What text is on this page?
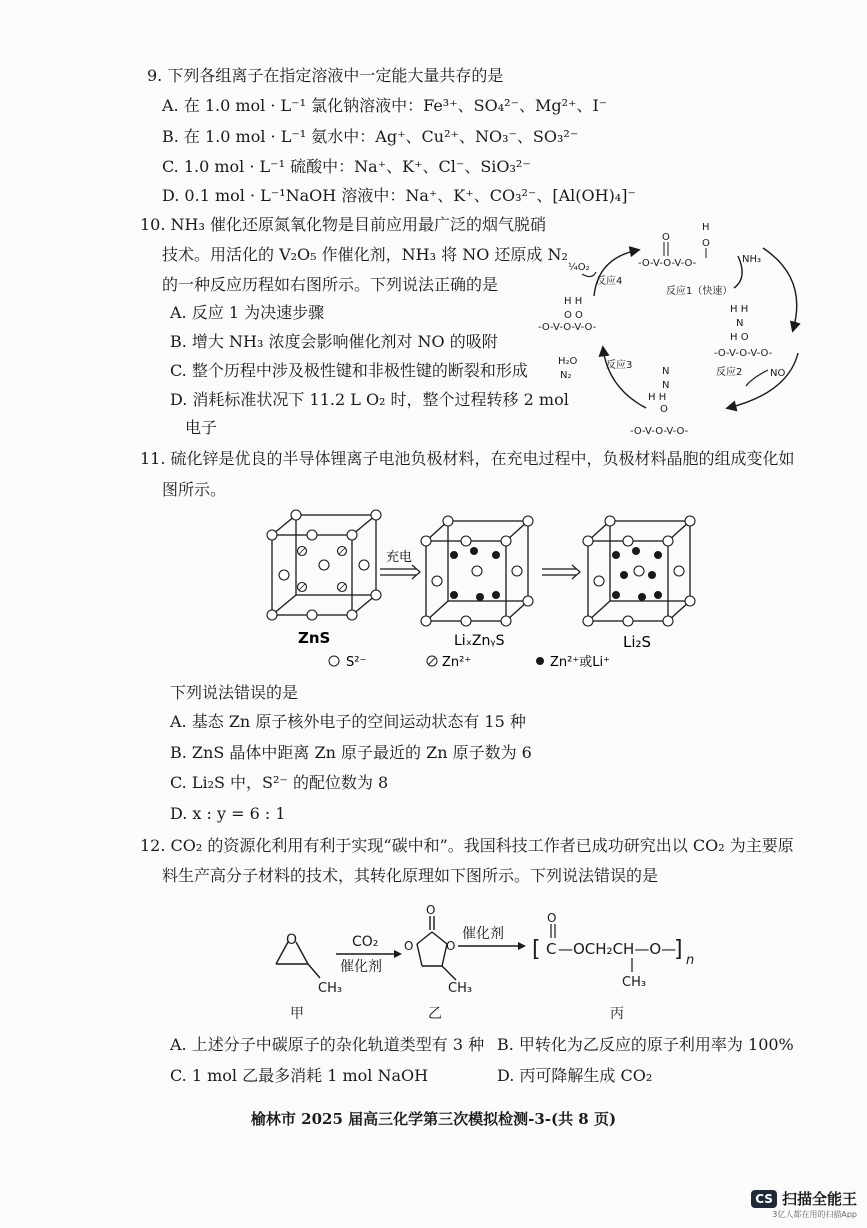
9. 下列各组离子在指定溶液中一定能大量共存的是
A. 在 1.0 mol · L⁻¹ 氯化钠溶液中：Fe³⁺、SO₄²⁻、Mg²⁺、I⁻
B. 在 1.0 mol · L⁻¹ 氨水中：Ag⁺、Cu²⁺、NO₃⁻、SO₃²⁻
C. 1.0 mol · L⁻¹ 硫酸中：Na⁺、K⁺、Cl⁻、SiO₃²⁻
D. 0.1 mol · L⁻¹NaOH 溶液中：Na⁺、K⁺、CO₃²⁻、[Al(OH)₄]⁻
10. NH₃ 催化还原氮氧化物是目前应用最广泛的烟气脱硝
技术。用活化的 V₂O₅ 作催化剂，NH₃ 将 NO 还原成 N₂
的一种反应历程如右图所示。下列说法正确的是
A. 反应 1 为决速步骤
B. 增大 NH₃ 浓度会影响催化剂对 NO 的吸附
C. 整个历程中涉及极性键和非极性键的断裂和形成
D. 消耗标准状况下 11.2 L O₂ 时，整个过程转移 2 mol
电子
-O-V-O-V-O-
O
H
O
NH₃
反应1（快速）
H H
N
H O
-O-V-O-V-O-
反应2	NO
N
N
H H
O
-O-V-O-V-O-
反应3
H₂O
N₂
H H
O O
-O-V-O-V-O-
反应4
¼O₂
11. 硫化锌是优良的半导体锂离子电池负极材料，在充电过程中，负极材料晶胞的组成变化如
图所示。
充电
ZnS	LiₓZnᵧS	Li₂S
S²⁻	Zn²⁺	Zn²⁺或Li⁺
下列说法错误的是
A. 基态 Zn 原子核外电子的空间运动状态有 15 种
B. ZnS 晶体中距离 Zn 原子最近的 Zn 原子数为 6
C. Li₂S 中，S²⁻ 的配位数为 8
D. x : y = 6 : 1
12. CO₂ 的资源化利用有利于实现“碳中和”。我国科技工作者已成功研究出以 CO₂ 为主要原
料生产高分子材料的技术，其转化原理如下图所示。下列说法错误的是
O
CH₃
甲
CO₂
催化剂
O
O	O
CH₃
乙
催化剂
[ C
O
—OCH₂CH—O—
CH₃
] n
丙
A. 上述分子中碳原子的杂化轨道类型有 3 种 B. 甲转化为乙反应的原子利用率为 100%
C. 1 mol 乙最多消耗 1 mol NaOH	D. 丙可降解生成 CO₂
榆林市 2025 届高三化学第三次模拟检测-3-(共 8 页)
CS 扫描全能王
3亿人都在用的扫描App
